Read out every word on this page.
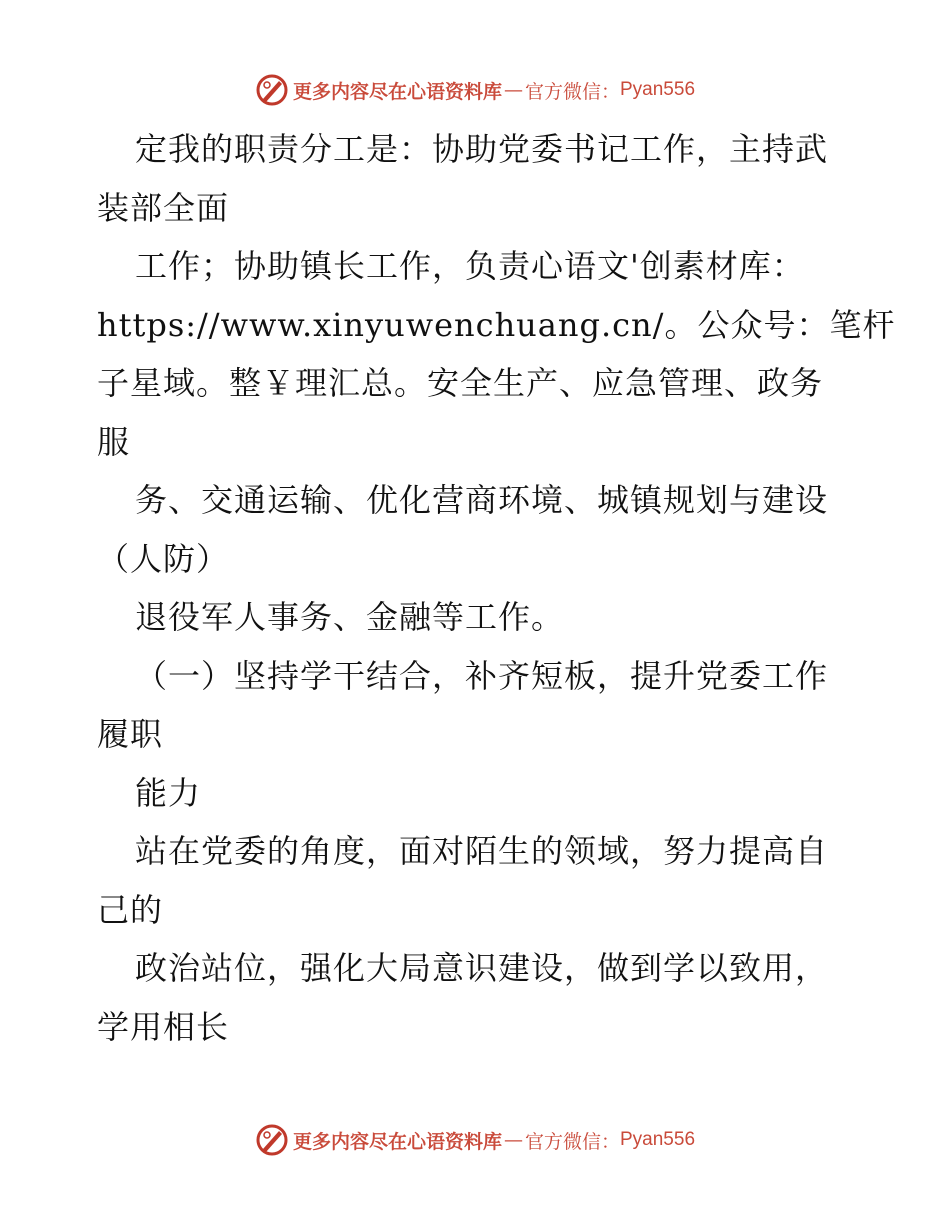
更多内容尽在心语资料库 — 官方微信： Pyan556
定我的职责分工是：协助党委书记工作，主持武
装部全面
工作；协助镇长工作，负责心语文'创素材库：
https://www.xinyuwenchuang.cn/。公众号：笔杆
子星域。整￥理汇总。安全生产、应急管理、政务
服
务、交通运输、优化营商环境、城镇规划与建设
（人防）
退役军人事务、金融等工作。
（一）坚持学干结合，补齐短板，提升党委工作
履职
能力
站在党委的角度，面对陌生的领域，努力提高自
己的
政治站位，强化大局意识建设，做到学以致用，
学用相长
更多内容尽在心语资料库 — 官方微信： Pyan556
